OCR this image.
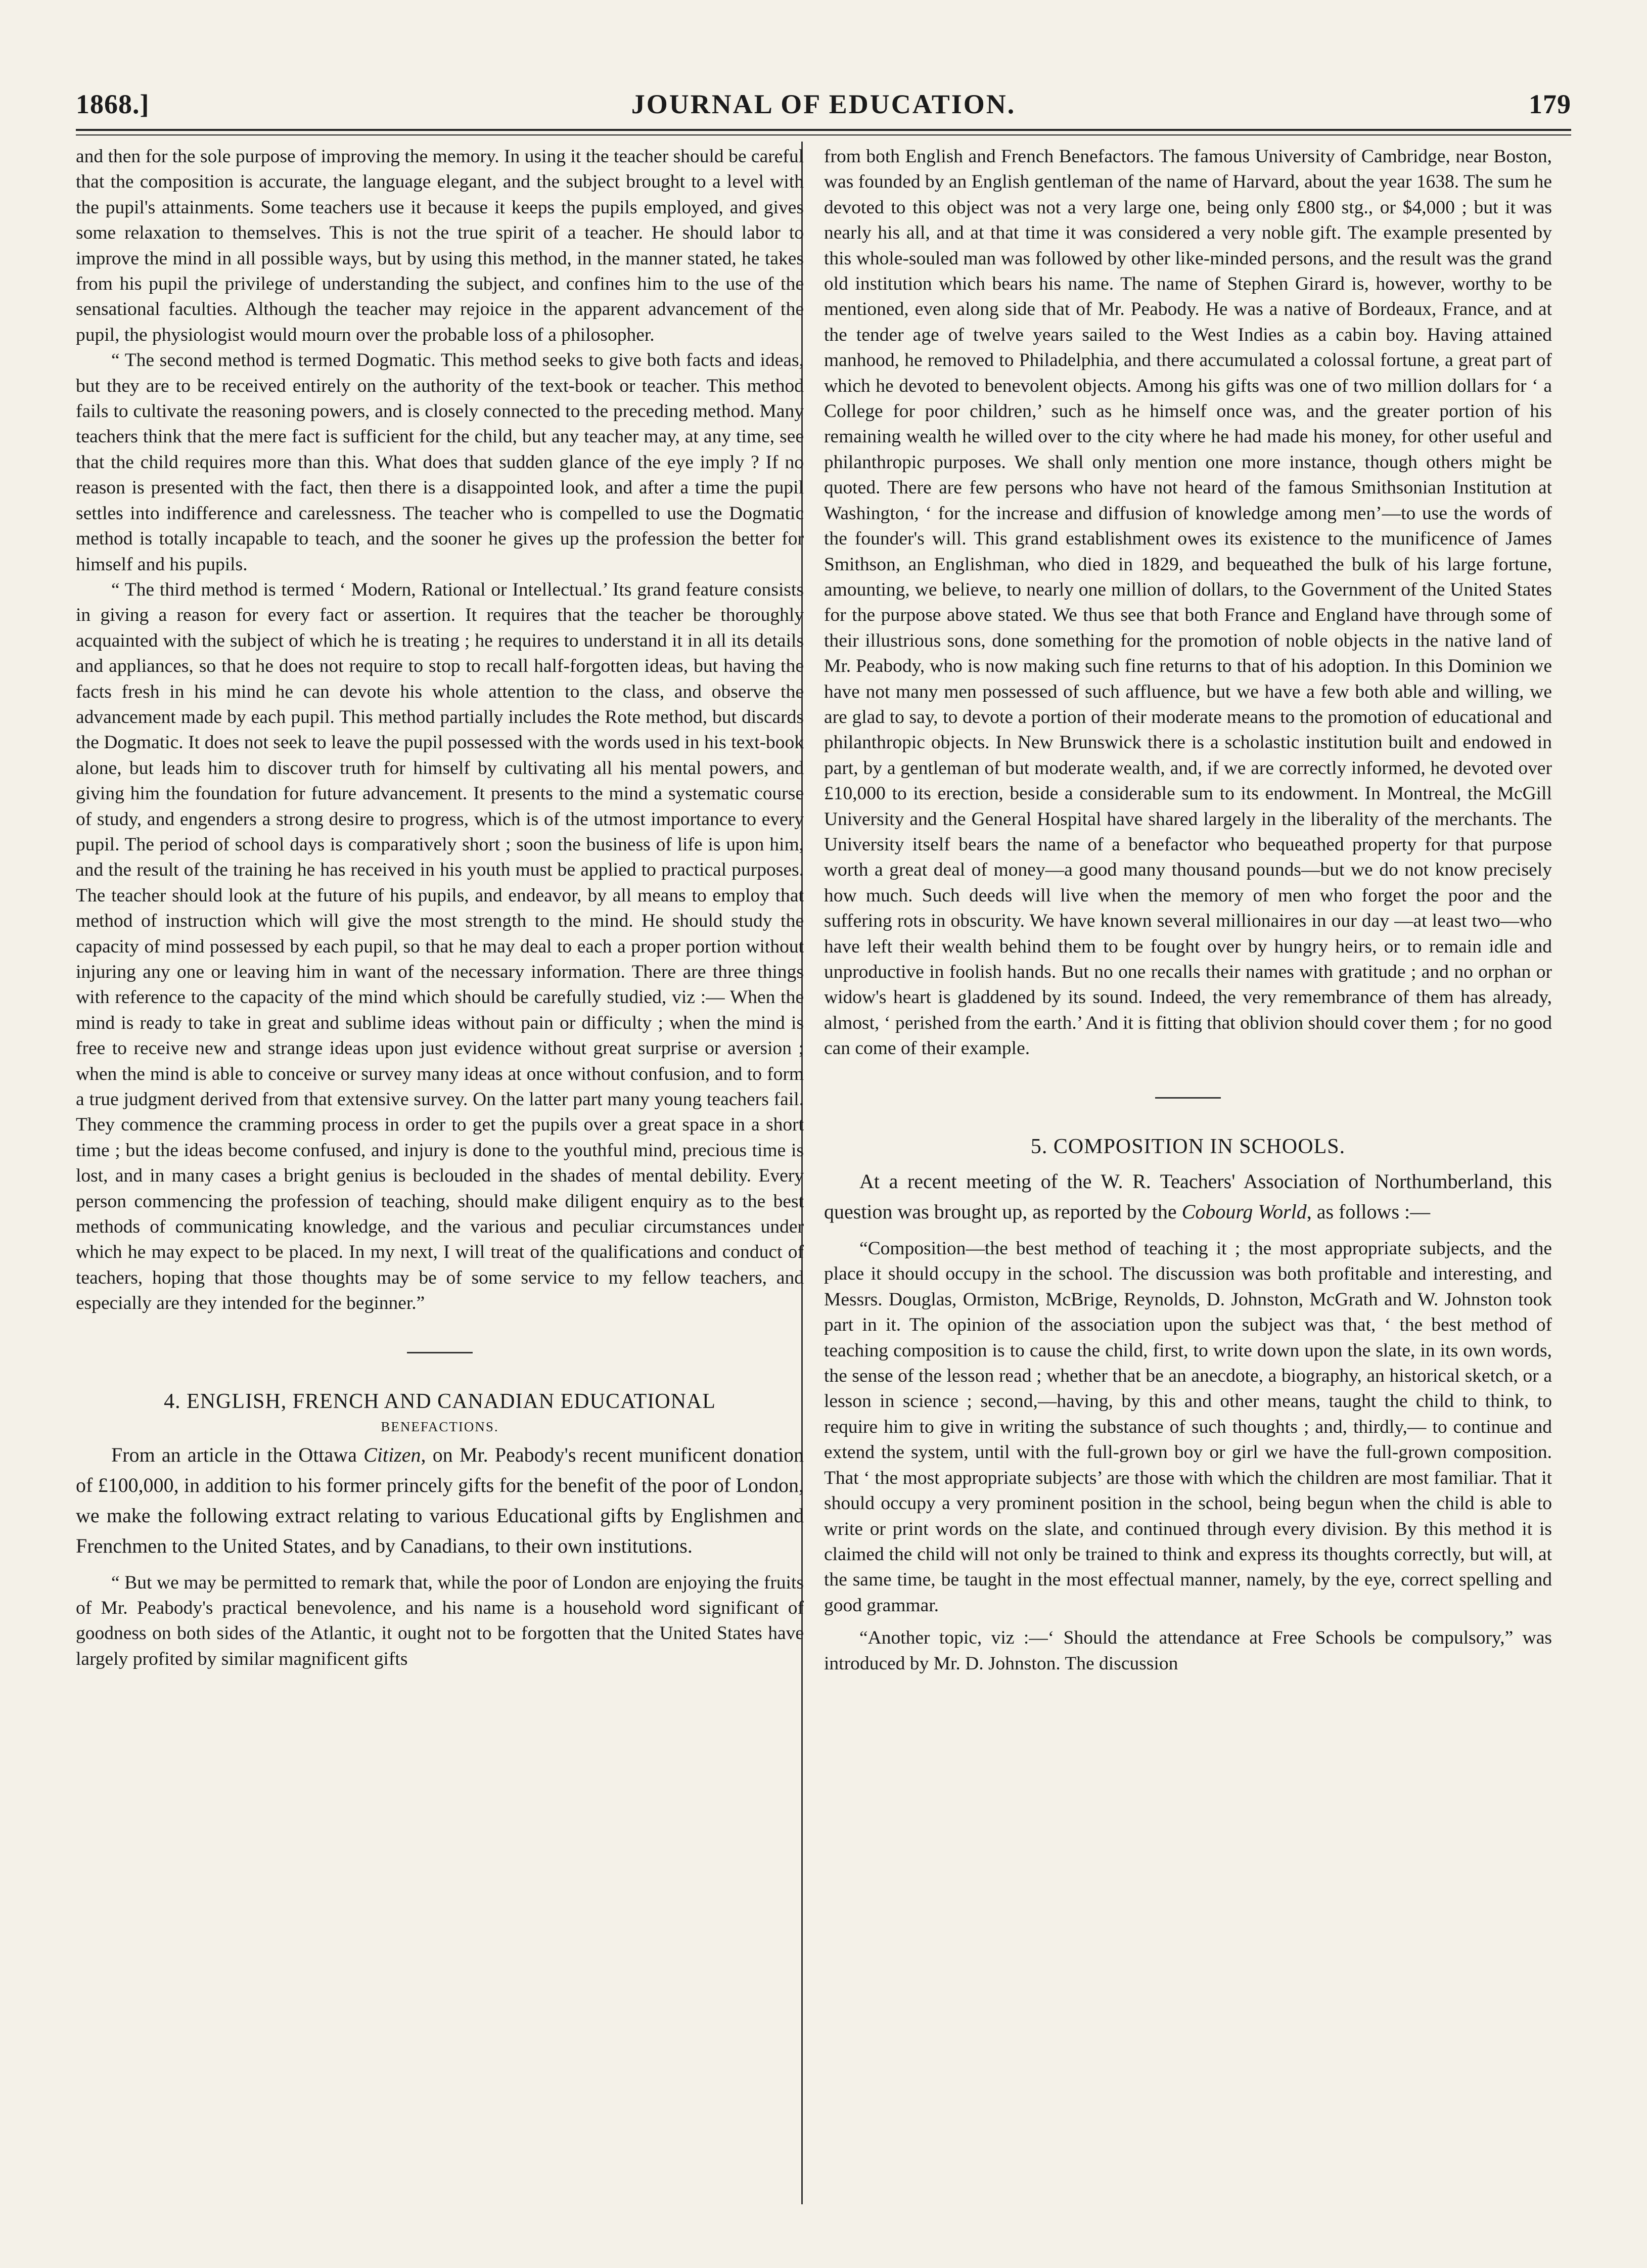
1868.]	JOURNAL OF EDUCATION.	179

and then for the sole purpose of improving the memory. In using it the teacher should be careful that the composition is accurate, the language elegant, and the subject brought to a level with the pupil's attainments. Some teachers use it because it keeps the pupils employed, and gives some relaxation to themselves. This is not the true spirit of a teacher. He should labor to improve the mind in all possible ways, but by using this method, in the manner stated, he takes from his pupil the privilege of understanding the subject, and confines him to the use of the sensational faculties. Although the teacher may rejoice in the apparent advancement of the pupil, the physiologist would mourn over the probable loss of a philosopher.

“ The second method is termed Dogmatic. This method seeks to give both facts and ideas, but they are to be received entirely on the authority of the text-book or teacher. This method fails to cultivate the reasoning powers, and is closely connected to the preceding method. Many teachers think that the mere fact is sufficient for the child, but any teacher may, at any time, see that the child requires more than this. What does that sudden glance of the eye imply ? If no reason is presented with the fact, then there is a disappointed look, and after a time the pupil settles into indifference and carelessness. The teacher who is compelled to use the Dogmatic method is totally incapable to teach, and the sooner he gives up the profession the better for himself and his pupils.

“ The third method is termed ‘ Modern, Rational or Intellectual.’ Its grand feature consists in giving a reason for every fact or assertion. It requires that the teacher be thoroughly acquainted with the subject of which he is treating ; he requires to understand it in all its details and appliances, so that he does not require to stop to recall half-forgotten ideas, but having the facts fresh in his mind he can devote his whole attention to the class, and observe the advancement made by each pupil. This method partially includes the Rote method, but discards the Dogmatic. It does not seek to leave the pupil possessed with the words used in his text-book alone, but leads him to discover truth for himself by cultivating all his mental powers, and giving him the foundation for future advancement. It presents to the mind a systematic course of study, and engenders a strong desire to progress, which is of the utmost importance to every pupil. The period of school days is comparatively short ; soon the business of life is upon him, and the result of the training he has received in his youth must be applied to practical purposes. The teacher should look at the future of his pupils, and endeavor, by all means to employ that method of instruction which will give the most strength to the mind. He should study the capacity of mind possessed by each pupil, so that he may deal to each a proper portion without injuring any one or leaving him in want of the necessary information. There are three things with reference to the capacity of the mind which should be carefully studied, viz :— When the mind is ready to take in great and sublime ideas without pain or difficulty ; when the mind is free to receive new and strange ideas upon just evidence without great surprise or aversion ; when the mind is able to conceive or survey many ideas at once without confusion, and to form a true judgment derived from that extensive survey. On the latter part many young teachers fail. They commence the cramming process in order to get the pupils over a great space in a short time ; but the ideas become confused, and injury is done to the youthful mind, precious time is lost, and in many cases a bright genius is beclouded in the shades of mental debility. Every person commencing the profession of teaching, should make diligent enquiry as to the best methods of communicating knowledge, and the various and peculiar circumstances under which he may expect to be placed. In my next, I will treat of the qualifications and conduct of teachers, hoping that those thoughts may be of some service to my fellow teachers, and especially are they intended for the beginner.”

4. ENGLISH, FRENCH AND CANADIAN EDUCATIONAL

BENEFACTIONS.

From an article in the Ottawa Citizen, on Mr. Peabody's recent munificent donation of £100,000, in addition to his former princely gifts for the benefit of the poor of London, we make the following extract relating to various Educational gifts by Englishmen and Frenchmen to the United States, and by Canadians, to their own institutions.

“ But we may be permitted to remark that, while the poor of London are enjoying the fruits of Mr. Peabody's practical benevolence, and his name is a household word significant of goodness on both sides of the Atlantic, it ought not to be forgotten that the United States have largely profited by similar magnificent gifts

from both English and French Benefactors. The famous University of Cambridge, near Boston, was founded by an English gentleman of the name of Harvard, about the year 1638. The sum he devoted to this object was not a very large one, being only £800 stg., or $4,000 ; but it was nearly his all, and at that time it was considered a very noble gift. The example presented by this whole-souled man was followed by other like-minded persons, and the result was the grand old institution which bears his name. The name of Stephen Girard is, however, worthy to be mentioned, even along side that of Mr. Peabody. He was a native of Bordeaux, France, and at the tender age of twelve years sailed to the West Indies as a cabin boy. Having attained manhood, he removed to Philadelphia, and there accumulated a colossal fortune, a great part of which he devoted to benevolent objects. Among his gifts was one of two million dollars for ‘ a College for poor children,’ such as he himself once was, and the greater portion of his remaining wealth he willed over to the city where he had made his money, for other useful and philanthropic purposes. We shall only mention one more instance, though others might be quoted. There are few persons who have not heard of the famous Smithsonian Institution at Washington, ‘ for the increase and diffusion of knowledge among men’—to use the words of the founder's will. This grand establishment owes its existence to the munificence of James Smithson, an Englishman, who died in 1829, and bequeathed the bulk of his large fortune, amounting, we believe, to nearly one million of dollars, to the Government of the United States for the purpose above stated. We thus see that both France and England have through some of their illustrious sons, done something for the promotion of noble objects in the native land of Mr. Peabody, who is now making such fine returns to that of his adoption. In this Dominion we have not many men possessed of such affluence, but we have a few both able and willing, we are glad to say, to devote a portion of their moderate means to the promotion of educational and philanthropic objects. In New Brunswick there is a scholastic institution built and endowed in part, by a gentleman of but moderate wealth, and, if we are correctly informed, he devoted over £10,000 to its erection, beside a considerable sum to its endowment. In Montreal, the McGill University and the General Hospital have shared largely in the liberality of the merchants. The University itself bears the name of a benefactor who bequeathed property for that purpose worth a great deal of money—a good many thousand pounds—but we do not know precisely how much. Such deeds will live when the memory of men who forget the poor and the suffering rots in obscurity. We have known several millionaires in our day —at least two—who have left their wealth behind them to be fought over by hungry heirs, or to remain idle and unproductive in foolish hands. But no one recalls their names with gratitude ; and no orphan or widow's heart is gladdened by its sound. Indeed, the very remembrance of them has already, almost, ‘ perished from the earth.’ And it is fitting that oblivion should cover them ; for no good can come of their example.

5. COMPOSITION IN SCHOOLS.

At a recent meeting of the W. R. Teachers' Association of Northumberland, this question was brought up, as reported by the Cobourg World, as follows :—

“Composition—the best method of teaching it ; the most appropriate subjects, and the place it should occupy in the school. The discussion was both profitable and interesting, and Messrs. Douglas, Ormiston, McBrige, Reynolds, D. Johnston, McGrath and W. Johnston took part in it. The opinion of the association upon the subject was that, ‘ the best method of teaching composition is to cause the child, first, to write down upon the slate, in its own words, the sense of the lesson read ; whether that be an anecdote, a biography, an historical sketch, or a lesson in science ; second,—having, by this and other means, taught the child to think, to require him to give in writing the substance of such thoughts ; and, thirdly,— to continue and extend the system, until with the full-grown boy or girl we have the full-grown composition. That ‘ the most appropriate subjects’ are those with which the children are most familiar. That it should occupy a very prominent position in the school, being begun when the child is able to write or print words on the slate, and continued through every division. By this method it is claimed the child will not only be trained to think and express its thoughts correctly, but will, at the same time, be taught in the most effectual manner, namely, by the eye, correct spelling and good grammar.

“Another topic, viz :—‘ Should the attendance at Free Schools be compulsory,” was introduced by Mr. D. Johnston. The discussion
